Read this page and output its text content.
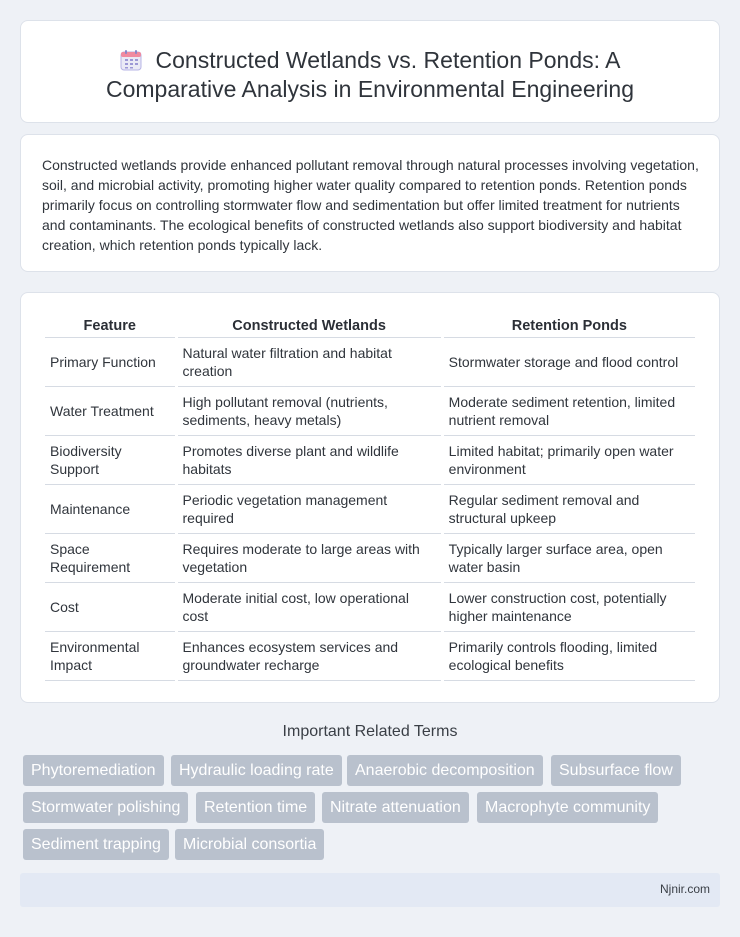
Constructed Wetlands vs. Retention Ponds: A Comparative Analysis in Environmental Engineering

Constructed wetlands provide enhanced pollutant removal through natural processes involving vegetation, soil, and microbial activity, promoting higher water quality compared to retention ponds. Retention ponds primarily focus on controlling stormwater flow and sedimentation but offer limited treatment for nutrients and contaminants. The ecological benefits of constructed wetlands also support biodiversity and habitat creation, which retention ponds typically lack.

Feature	Constructed Wetlands	Retention Ponds
Primary Function	Natural water filtration and habitat creation	Stormwater storage and flood control
Water Treatment	High pollutant removal (nutrients, sediments, heavy metals)	Moderate sediment retention, limited nutrient removal
Biodiversity Support	Promotes diverse plant and wildlife habitats	Limited habitat; primarily open water environment
Maintenance	Periodic vegetation management required	Regular sediment removal and structural upkeep
Space Requirement	Requires moderate to large areas with vegetation	Typically larger surface area, open water basin
Cost	Moderate initial cost, low operational cost	Lower construction cost, potentially higher maintenance
Environmental Impact	Enhances ecosystem services and groundwater recharge	Primarily controls flooding, limited ecological benefits
Important Related Terms
Phytoremediation	Hydraulic loading rate	Anaerobic decomposition	Subsurface flow
Stormwater polishing	Retention time	Nitrate attenuation	Macrophyte community
Sediment trapping	Microbial consortia
Njnir.com
